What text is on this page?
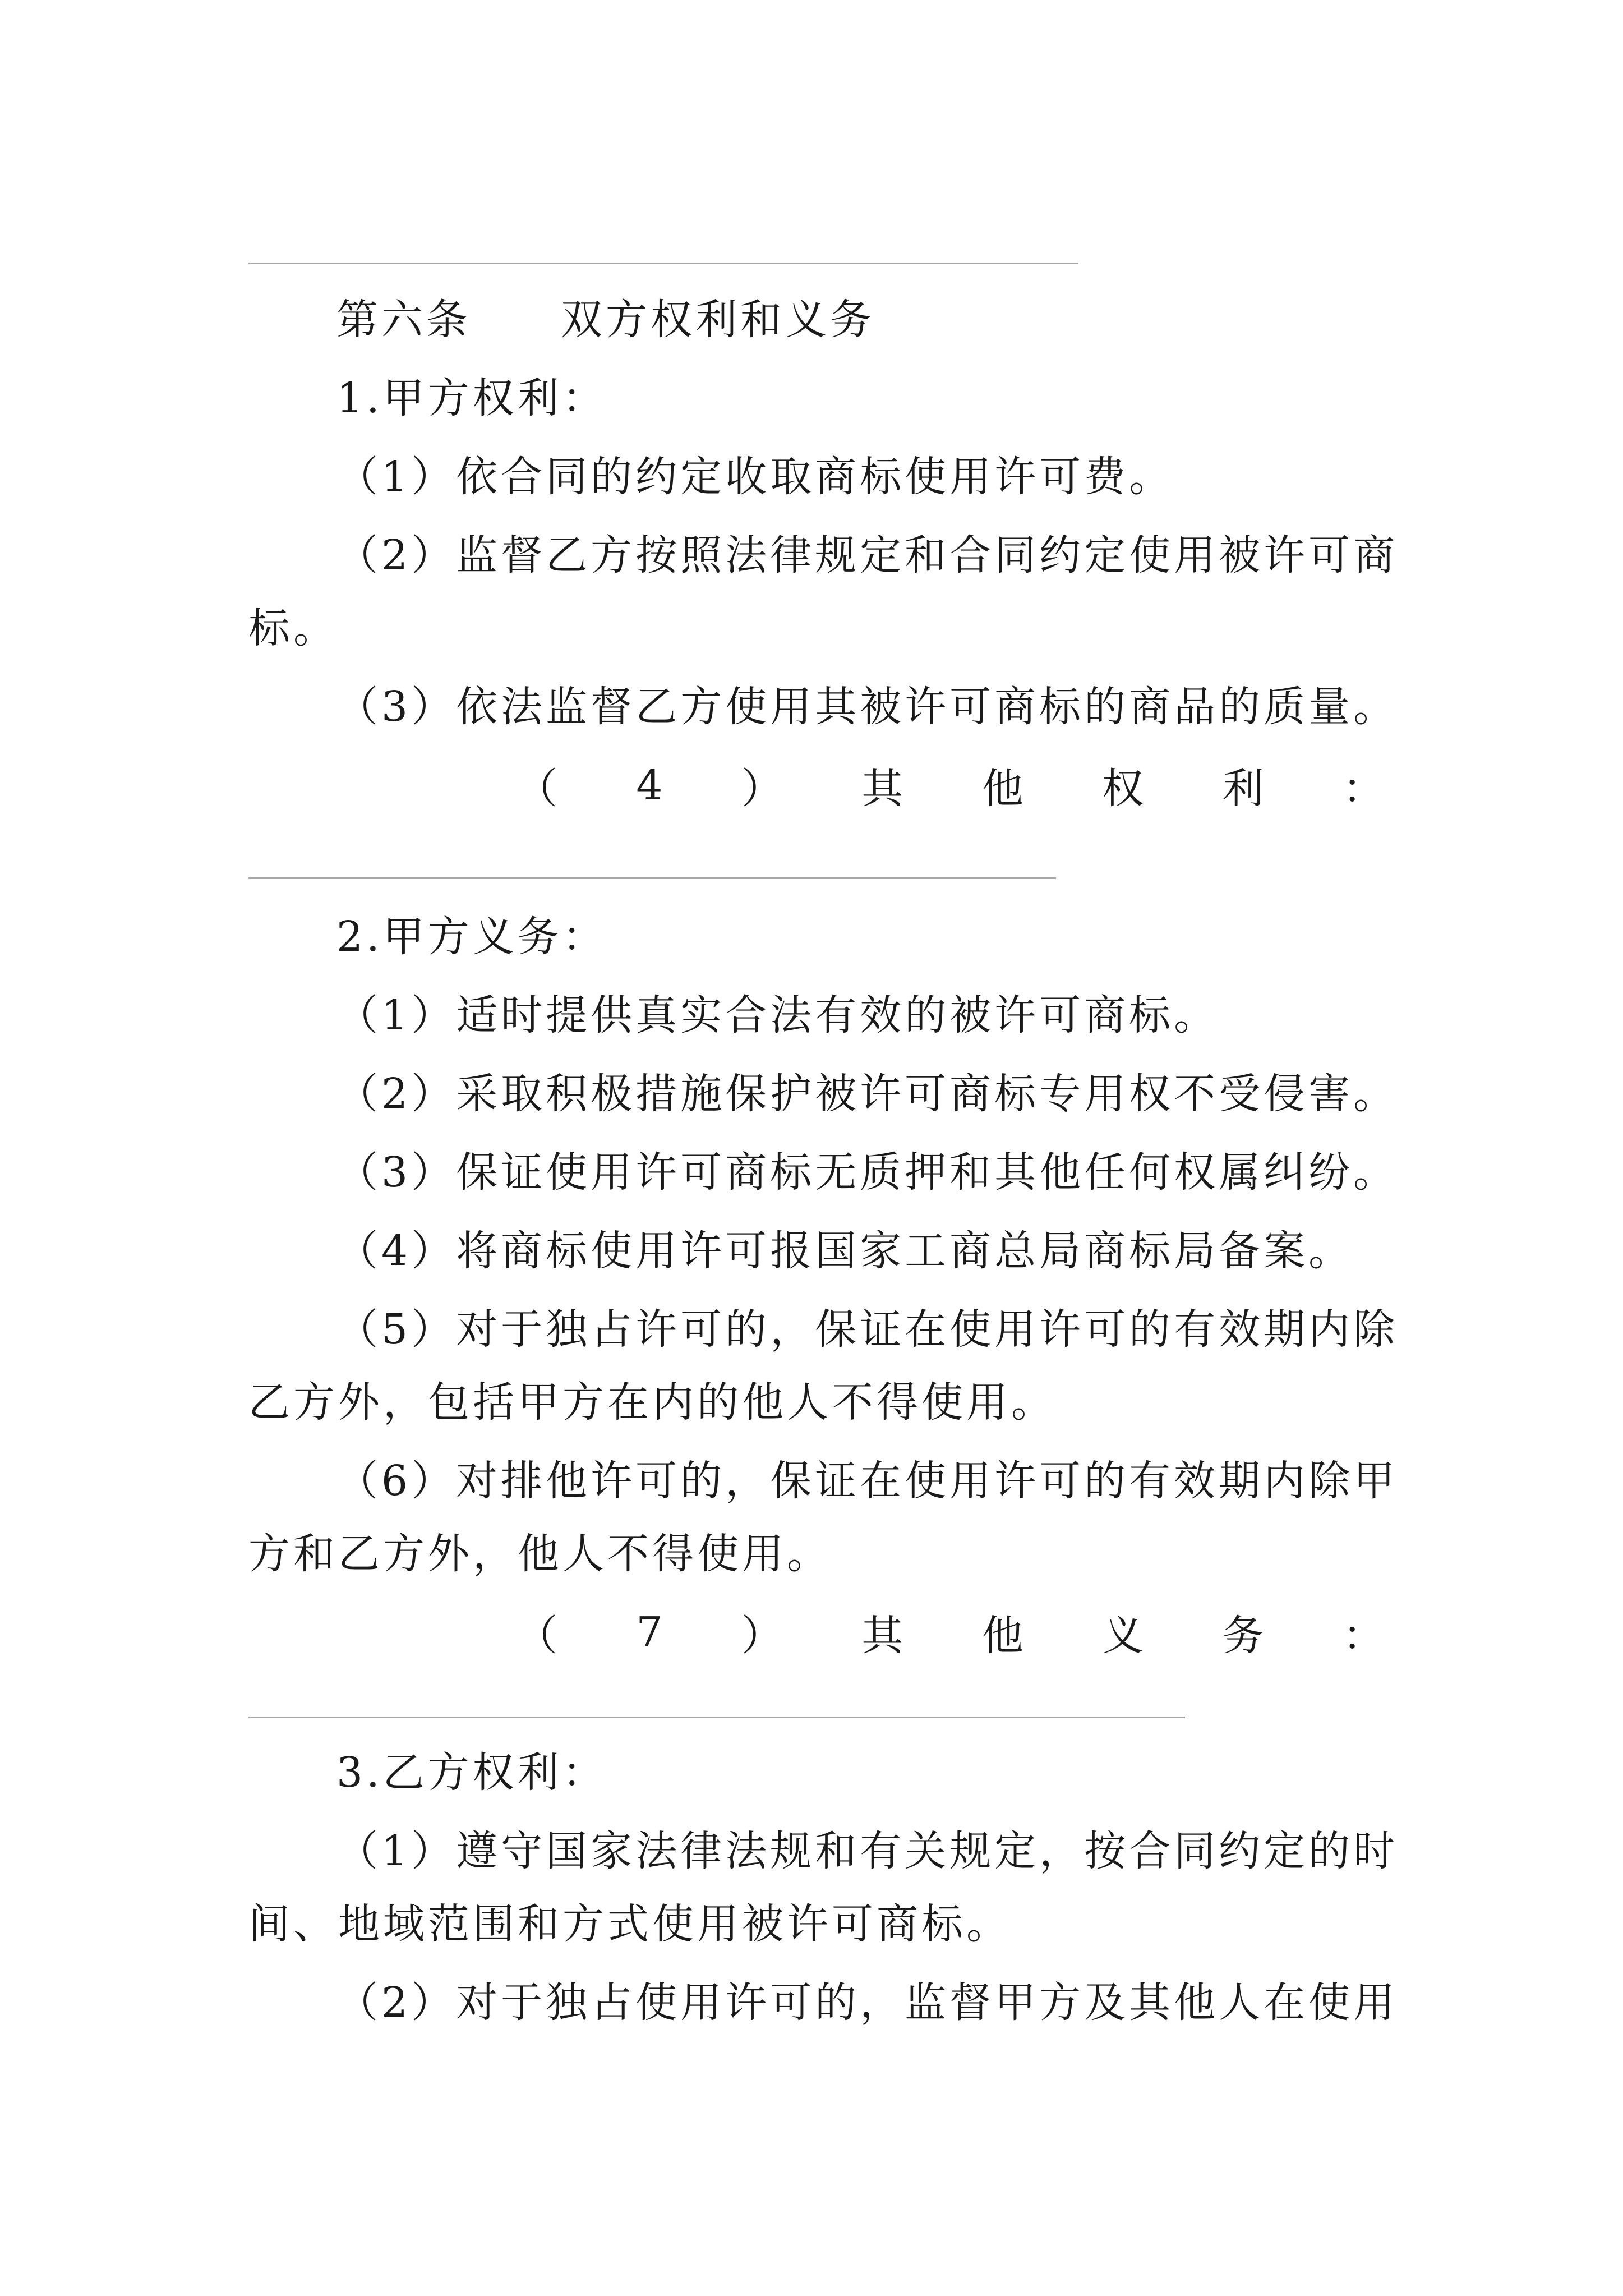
第六条 双方权利和义务
1.甲方权利：
（1）依合同的约定收取商标使用许可费。
（2）监督乙方按照法律规定和合同约定使用被许可商
标。
（3）依法监督乙方使用其被许可商标的商品的质量。
（ 4 ） 其 他 权 利 ：
2.甲方义务：
（1）适时提供真实合法有效的被许可商标。
（2）采取积极措施保护被许可商标专用权不受侵害。
（3）保证使用许可商标无质押和其他任何权属纠纷。
（4）将商标使用许可报国家工商总局商标局备案。
（5）对于独占许可的，保证在使用许可的有效期内除
乙方外，包括甲方在内的他人不得使用。
（6）对排他许可的，保证在使用许可的有效期内除甲
方和乙方外，他人不得使用。
（ 7 ） 其 他 义 务 ：
3.乙方权利：
（1）遵守国家法律法规和有关规定，按合同约定的时
间、地域范围和方式使用被许可商标。
（2）对于独占使用许可的，监督甲方及其他人在使用
